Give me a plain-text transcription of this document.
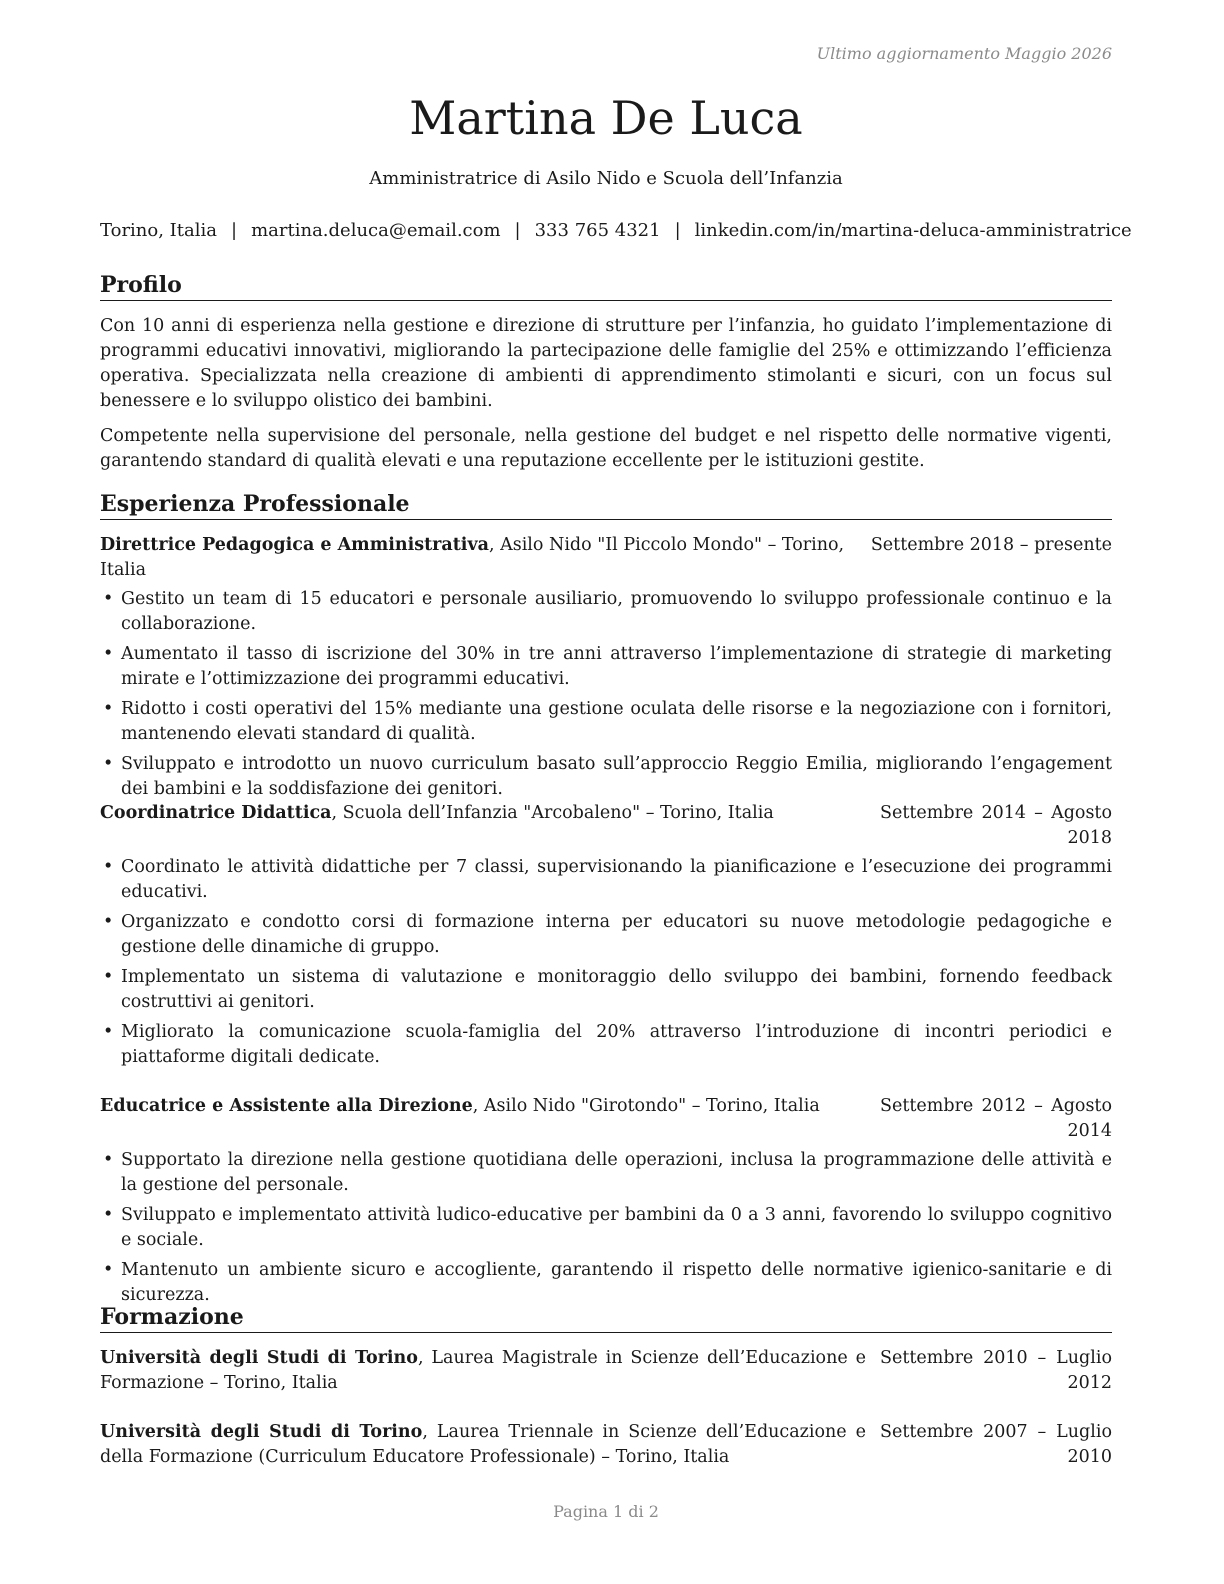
Ultimo aggiornamento Maggio 2026
Martina De Luca
Amministratrice di Asilo Nido e Scuola dell’Infanzia
Torino, Italia | martina.deluca@email.com | 333 765 4321 | linkedin.com/in/martina-deluca-amministratrice
Profilo
Con 10 anni di esperienza nella gestione e direzione di strutture per l’infanzia, ho guidato l’implementazione di programmi educativi innovativi, migliorando la partecipazione delle famiglie del 25% e ottimizzando l’efficienza operativa. Specializzata nella creazione di ambienti di apprendimento stimolanti e sicuri, con un focus sul benessere e lo sviluppo olistico dei bambini.
Competente nella supervisione del personale, nella gestione del budget e nel rispetto delle normative vigenti, garantendo standard di qualità elevati e una reputazione eccellente per le istituzioni gestite.
Esperienza Professionale
Direttrice Pedagogica e Amministrativa, Asilo Nido "Il Piccolo Mondo" – Torino, Italia
Settembre 2018 – presente
• Gestito un team di 15 educatori e personale ausiliario, promuovendo lo sviluppo professionale continuo e la collaborazione.
• Aumentato il tasso di iscrizione del 30% in tre anni attraverso l’implementazione di strategie di marketing mirate e l’ottimizzazione dei programmi educativi.
• Ridotto i costi operativi del 15% mediante una gestione oculata delle risorse e la negoziazione con i fornitori, mantenendo elevati standard di qualità.
• Sviluppato e introdotto un nuovo curriculum basato sull’approccio Reggio Emilia, migliorando l’engagement dei bambini e la soddisfazione dei genitori.
Coordinatrice Didattica, Scuola dell’Infanzia "Arcobaleno" – Torino, Italia	Settembre 2014 – Agosto 2018
• Coordinato le attività didattiche per 7 classi, supervisionando la pianificazione e l’esecuzione dei programmi educativi.
• Organizzato e condotto corsi di formazione interna per educatori su nuove metodologie pedagogiche e gestione delle dinamiche di gruppo.
• Implementato un sistema di valutazione e monitoraggio dello sviluppo dei bambini, fornendo feedback costruttivi ai genitori.
• Migliorato la comunicazione scuola-famiglia del 20% attraverso l’introduzione di incontri periodici e piattaforme digitali dedicate.
Educatrice e Assistente alla Direzione, Asilo Nido "Girotondo" – Torino, Italia	Settembre 2012 – Agosto 2014
• Supportato la direzione nella gestione quotidiana delle operazioni, inclusa la programmazione delle attività e la gestione del personale.
• Sviluppato e implementato attività ludico-educative per bambini da 0 a 3 anni, favorendo lo sviluppo cognitivo e sociale.
• Mantenuto un ambiente sicuro e accogliente, garantendo il rispetto delle normative igienico-sanitarie e di sicurezza.
Formazione
Università degli Studi di Torino, Laurea Magistrale in Scienze dell’Educazione e Formazione – Torino, Italia
Settembre 2010 – Luglio 2012
Università degli Studi di Torino, Laurea Triennale in Scienze dell’Educazione e della Formazione (Curriculum Educatore Professionale) – Torino, Italia
Settembre 2007 – Luglio 2010
Pagina 1 di 2
